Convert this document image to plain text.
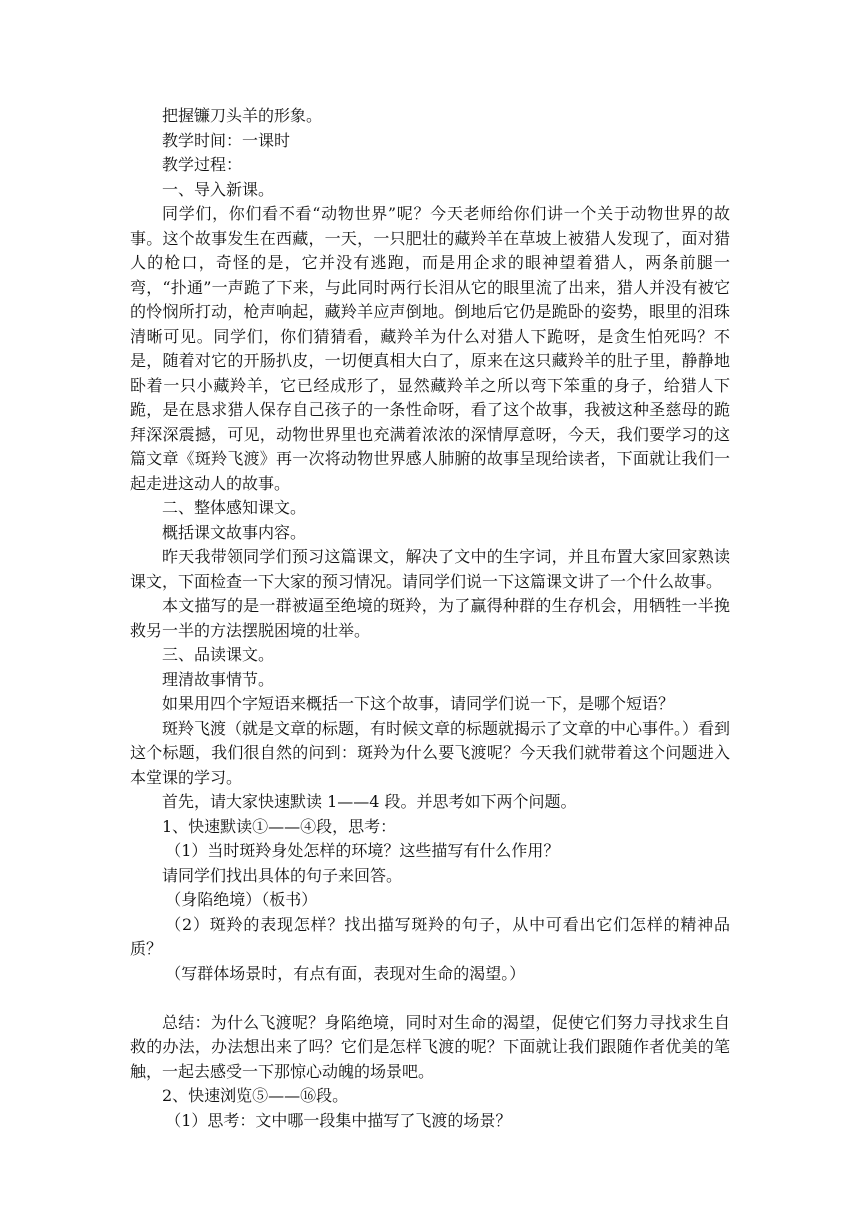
把握镰刀头羊的形象。

教学时间：一课时

教学过程：

一、导入新课。

同学们，你们看不看“动物世界”呢？今天老师给你们讲一个关于动物世界的故事。这个故事发生在西藏，一天，一只肥壮的藏羚羊在草坡上被猎人发现了，面对猎人的枪口，奇怪的是，它并没有逃跑，而是用企求的眼神望着猎人，两条前腿一弯，“扑通”一声跪了下来，与此同时两行长泪从它的眼里流了出来，猎人并没有被它的怜悯所打动，枪声响起，藏羚羊应声倒地。倒地后它仍是跪卧的姿势，眼里的泪珠清晰可见。同学们，你们猜猜看，藏羚羊为什么对猎人下跪呀，是贪生怕死吗？不是，随着对它的开肠扒皮，一切便真相大白了，原来在这只藏羚羊的肚子里，静静地卧着一只小藏羚羊，它已经成形了，显然藏羚羊之所以弯下笨重的身子，给猎人下跪，是在恳求猎人保存自己孩子的一条性命呀，看了这个故事，我被这种圣慈母的跪拜深深震撼，可见，动物世界里也充满着浓浓的深情厚意呀，今天，我们要学习的这篇文章《斑羚飞渡》再一次将动物世界感人肺腑的故事呈现给读者，下面就让我们一起走进这动人的故事。

二、整体感知课文。

概括课文故事内容。

昨天我带领同学们预习这篇课文，解决了文中的生字词，并且布置大家回家熟读课文，下面检查一下大家的预习情况。请同学们说一下这篇课文讲了一个什么故事。

本文描写的是一群被逼至绝境的斑羚，为了赢得种群的生存机会，用牺牲一半挽救另一半的方法摆脱困境的壮举。

三、品读课文。

理清故事情节。

如果用四个字短语来概括一下这个故事，请同学们说一下，是哪个短语？

斑羚飞渡（就是文章的标题，有时候文章的标题就揭示了文章的中心事件。）看到这个标题，我们很自然的问到：斑羚为什么要飞渡呢？今天我们就带着这个问题进入本堂课的学习。

首先，请大家快速默读 1——4 段。并思考如下两个问题。

1、快速默读①——④段，思考：

（1）当时斑羚身处怎样的环境？这些描写有什么作用？

请同学们找出具体的句子来回答。

（身陷绝境）（板书）

（2）斑羚的表现怎样？找出描写斑羚的句子，从中可看出它们怎样的精神品质？

（写群体场景时，有点有面，表现对生命的渴望。）

总结：为什么飞渡呢？身陷绝境，同时对生命的渴望，促使它们努力寻找求生自救的办法，办法想出来了吗？它们是怎样飞渡的呢？下面就让我们跟随作者优美的笔触，一起去感受一下那惊心动魄的场景吧。

2、快速浏览⑤——⑯段。

（1）思考：文中哪一段集中描写了飞渡的场景？
